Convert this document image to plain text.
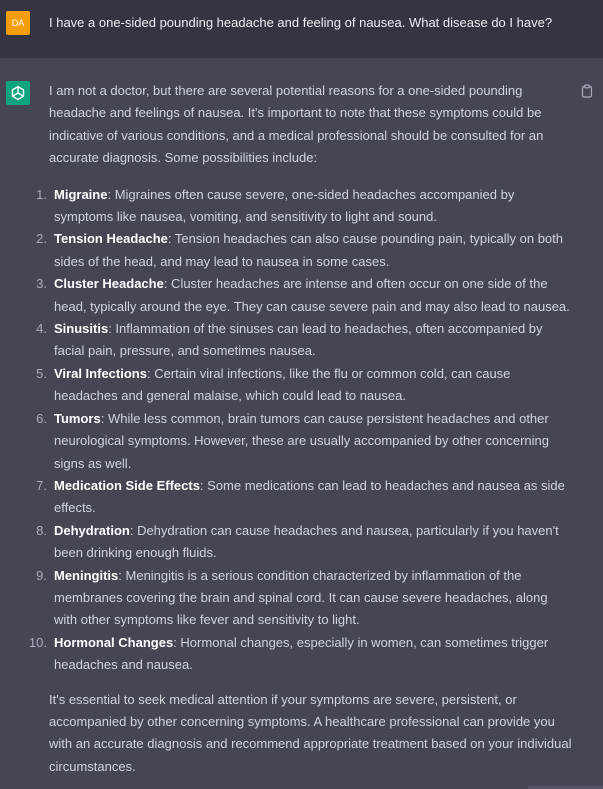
DA	I have a one-sided pounding headache and feeling of nausea. What disease do I have?

I am not a doctor, but there are several potential reasons for a one-sided pounding headache and feelings of nausea. It's important to note that these symptoms could be indicative of various conditions, and a medical professional should be consulted for an accurate diagnosis. Some possibilities include:

1. Migraine: Migraines often cause severe, one-sided headaches accompanied by symptoms like nausea, vomiting, and sensitivity to light and sound.
2. Tension Headache: Tension headaches can also cause pounding pain, typically on both sides of the head, and may lead to nausea in some cases.
3. Cluster Headache: Cluster headaches are intense and often occur on one side of the head, typically around the eye. They can cause severe pain and may also lead to nausea.
4. Sinusitis: Inflammation of the sinuses can lead to headaches, often accompanied by facial pain, pressure, and sometimes nausea.
5. Viral Infections: Certain viral infections, like the flu or common cold, can cause headaches and general malaise, which could lead to nausea.
6. Tumors: While less common, brain tumors can cause persistent headaches and other neurological symptoms. However, these are usually accompanied by other concerning signs as well.
7. Medication Side Effects: Some medications can lead to headaches and nausea as side effects.
8. Dehydration: Dehydration can cause headaches and nausea, particularly if you haven't been drinking enough fluids.
9. Meningitis: Meningitis is a serious condition characterized by inflammation of the membranes covering the brain and spinal cord. It can cause severe headaches, along with other symptoms like fever and sensitivity to light.
10. Hormonal Changes: Hormonal changes, especially in women, can sometimes trigger headaches and nausea.

It's essential to seek medical attention if your symptoms are severe, persistent, or accompanied by other concerning symptoms. A healthcare professional can provide you with an accurate diagnosis and recommend appropriate treatment based on your individual circumstances.
